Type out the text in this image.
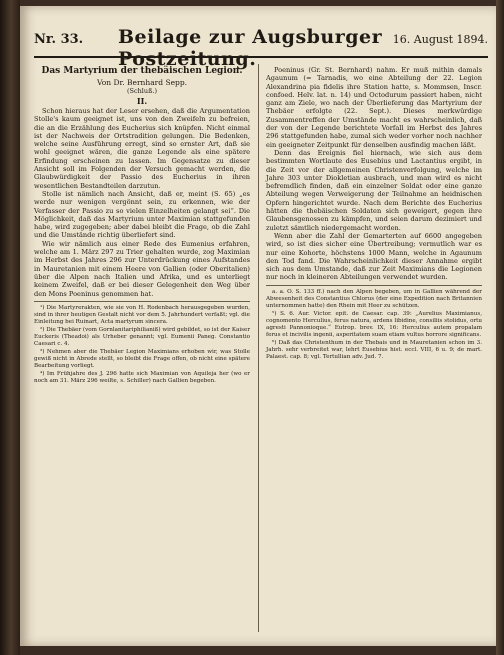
Nr. 33. Beilage zur Augsburger Postzeitung.
16. August 1894.

Das Martyrium der thebäischen Legion.

Von Dr. Bernhard Sepp.

(Schluß.)

II.

Schon hieraus hat der Leser ersehen, daß die Argumentation Stolle's kaum geeignet ist, uns von den Zweifeln zu befreien, die an die Erzählung des Eucherius sich knüpfen. Nicht einmal ist der Nachweis der Ortstradition gelungen. Die Bedenken, welche seine Ausführung erregt, sind so ernster Art, daß sie wohl geeignet wären, die ganze Legende als eine spätere Erfindung erscheinen zu lassen. Im Gegensatze zu dieser Ansicht soll im Folgenden der Versuch gemacht werden, die Glaubwürdigkeit der Passio des Eucherius in ihren wesentlichen Bestandteilen darzutun.

Stolle ist nämlich nach Ansicht, daß er, meint (S. 65) „es werde nur wenigen vergönnt sein, zu erkennen, wie der Verfasser der Passio zu so vielen Einzelheiten gelangt sei“. Die Möglichkeit, daß das Martyrium unter Maximian stattgefunden habe, wird zugegeben; aber dabei bleibt die Frage, ob die Zahl und die Umstände richtig überliefert sind.

Wie wir nämlich aus einer Rede des Eumenius erfahren, welche am 1. März 297 zu Trier gehalten wurde, zog Maximian im Herbst des Jahres 296 zur Unterdrückung eines Aufstandes in Mauretanien mit einem Heere von Gallien (oder Oberitalien) über die Alpen nach Italien und Afrika, und es unterliegt keinem Zweifel, daß er bei dieser Gelegenheit den Weg über den Mons Poeninus genommen hat.

¹) Die Martyrerakten, wie sie von H. Rodenbach herausgegeben wurden, sind in ihrer heutigen Gestalt nicht vor dem 5. Jahrhundert verfaßt; vgl. die Einleitung bei Ruinart, Acta martyrum sincera.

²) Die Thebäer (vom Gornlanitariphilianiß) wird gebildet, so ist der Kaiser Euckeris (Theadoi) als Urheber genannt; vgl. Eumenii Paneg. Constantio Caesari c. 4.

³) Nehmen aber die Thebäer Legion Maximians erhoben wir, was Stolle gewiß nicht in Abrede stellt, so bleibt die Frage offen, ob nicht eine spätere Bearbeitung vorliegt.

⁴) Im Frühjahre des J. 296 hatte sich Maximian von Aquileja her (wo er noch am 31. März 296 weilte, s. Schiller) nach Gallien begeben.

Poeninus (Gr. St. Bernhard) nahm. Er muß mithin damals Agaunum (= Tarnadis, wo eine Abteilung der 22. Legion Alexandrina pia fidelis ihre Station hatte, s. Mommsen, Inscr. confoed. Helv. lat. n. 14) und Octodurum passiert haben, nicht ganz am Ziele, wo nach der Überlieferung das Martyrium der Thebäer erfolgte (22. Sept.). Dieses merkwürdige Zusammentreffen der Umstände macht es wahrscheinlich, daß der von der Legende berichtete Vorfall im Herbst des Jahres 296 stattgefunden habe, zumal sich weder vorher noch nachher ein geeigneter Zeitpunkt für denselben ausfindig machen läßt.

Denn das Ereignis fiel hiernach, wie sich aus dem bestimmten Wortlaute des Eusebius und Lactantius ergibt, in die Zeit vor der allgemeinen Christenverfolgung, welche im Jahre 303 unter Diokletian ausbrach, und man wird es nicht befremdlich finden, daß ein einzelner Soldat oder eine ganze Abteilung wegen Verweigerung der Teilnahme an heidnischen Opfern hingerichtet wurde. Nach dem Berichte des Eucherius hätten die thebäischen Soldaten sich geweigert, gegen ihre Glaubensgenossen zu kämpfen, und seien darum dezimiert und zuletzt sämtlich niedergemacht worden.

Wenn aber die Zahl der Gemarterten auf 6600 angegeben wird, so ist dies sicher eine Übertreibung; vermutlich war es nur eine Kohorte, höchstens 1000 Mann, welche in Agaunum den Tod fand. Die Wahrscheinlichkeit dieser Annahme ergibt sich aus dem Umstande, daß zur Zeit Maximians die Legionen nur noch in kleineren Abteilungen verwendet wurden.

a. a. O. S. 133 ff.) nach den Alpen begeben, um in Gallien während der Abwesenheit des Constantius Chlorus (der eine Expedition nach Britannien unternommen hatte) den Rhein mit Heer zu schützen.

⁵) S. 6. Aur. Victor. epit. de Caesar. cap. 39: „Aurelius Maximianus, cognomento Herculius, ferus natura, ardens libidine, consiliis stolidus, ortu agresti Pannonioque.“ Eutrop. brev. IX, 16: Herculius autem propalam ferus et incivilis ingenii, asperitatem suam etiam vultus horrore significans.

⁶) Daß das Christenthum in der Thebais und in Mauretanien schon im 3. Jahrh. sehr verbreitet war, lehrt Eusebius hist. eccl. VIII, 6 u. 9; de mart. Palaest. cap. 8; vgl. Tertullian adv. Jud. 7.
